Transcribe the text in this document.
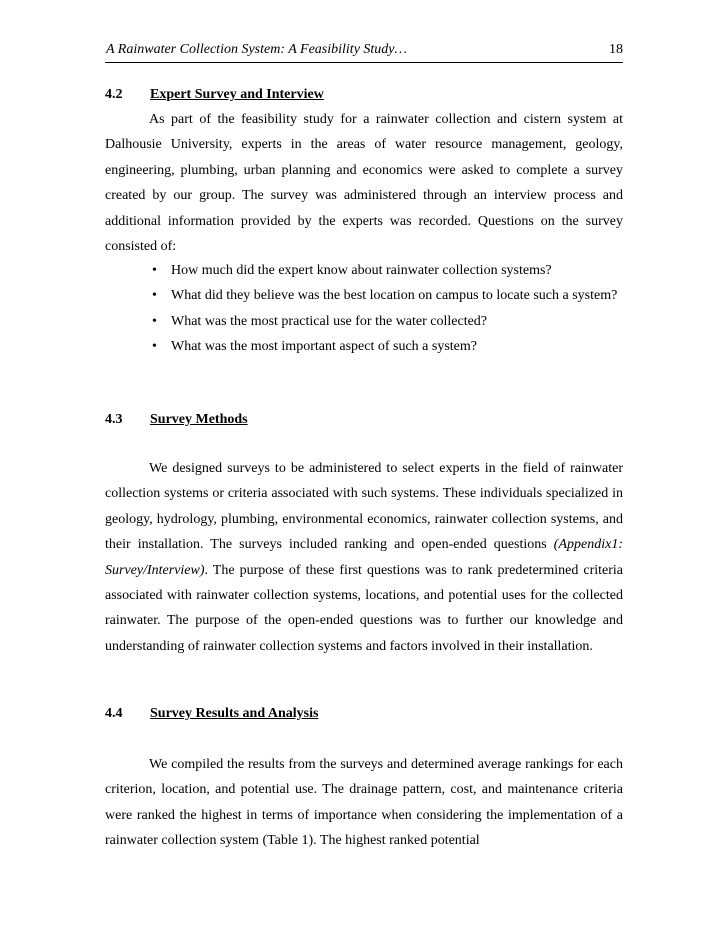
A Rainwater Collection System: A Feasibility Study…	18
4.2 Expert Survey and Interview

As part of the feasibility study for a rainwater collection and cistern system at Dalhousie University, experts in the areas of water resource management, geology, engineering, plumbing, urban planning and economics were asked to complete a survey created by our group. The survey was administered through an interview process and additional information provided by the experts was recorded. Questions on the survey consisted of:

• How much did the expert know about rainwater collection systems?
• What did they believe was the best location on campus to locate such a system?
• What was the most practical use for the water collected?
• What was the most important aspect of such a system?
4.3 Survey Methods

We designed surveys to be administered to select experts in the field of rainwater collection systems or criteria associated with such systems. These individuals specialized in geology, hydrology, plumbing, environmental economics, rainwater collection systems, and their installation. The surveys included ranking and open-ended questions (Appendix1: Survey/Interview). The purpose of these first questions was to rank predetermined criteria associated with rainwater collection systems, locations, and potential uses for the collected rainwater. The purpose of the open-ended questions was to further our knowledge and understanding of rainwater collection systems and factors involved in their installation.

4.4 Survey Results and Analysis

We compiled the results from the surveys and determined average rankings for each criterion, location, and potential use. The drainage pattern, cost, and maintenance criteria were ranked the highest in terms of importance when considering the implementation of a rainwater collection system (Table 1). The highest ranked potential
